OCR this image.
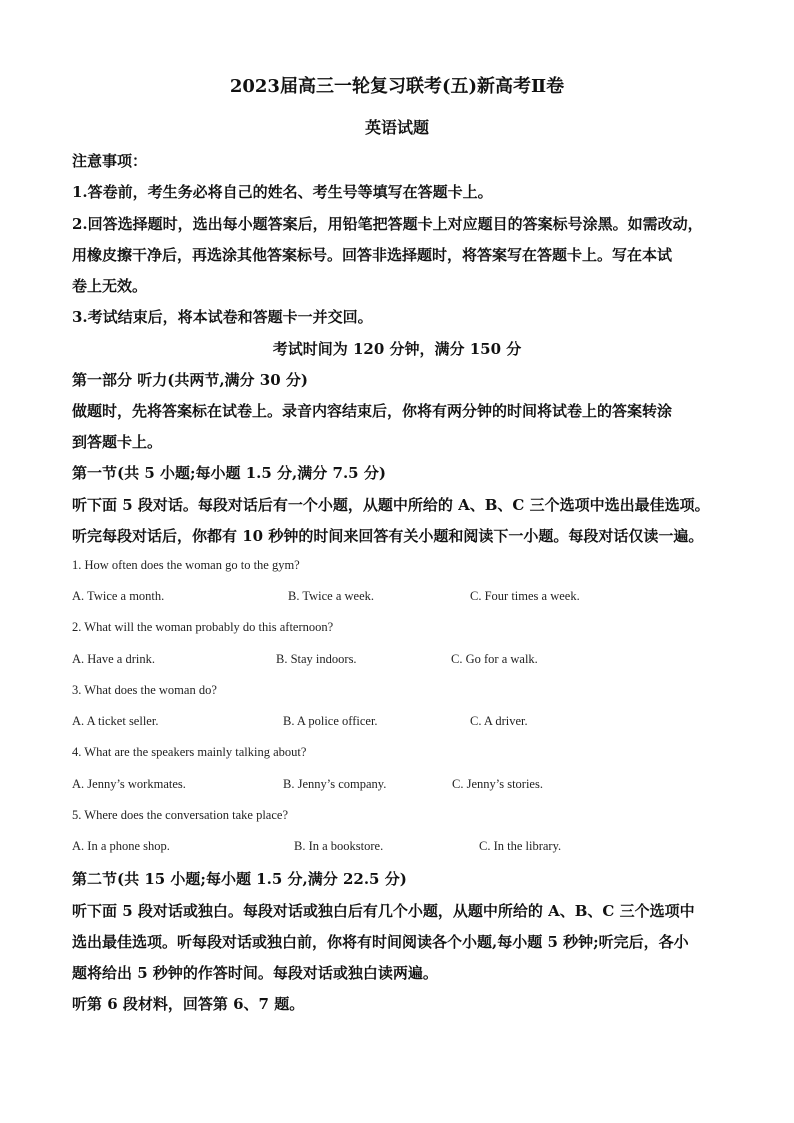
2023届高三一轮复习联考(五)新高考Ⅱ卷
英语试题
注意事项：
1.答卷前，考生务必将自己的姓名、考生号等填写在答题卡上。
2.回答选择题时，选出每小题答案后，用铅笔把答题卡上对应题目的答案标号涂黑。如需改动，
用橡皮擦干净后，再选涂其他答案标号。回答非选择题时，将答案写在答题卡上。写在本试
卷上无效。
3.考试结束后，将本试卷和答题卡一并交回。
考试时间为 120 分钟，满分 150 分
第一部分 听力(共两节,满分 30 分)
做题时，先将答案标在试卷上。录音内容结束后，你将有两分钟的时间将试卷上的答案转涂
到答题卡上。
第一节(共 5 小题;每小题 1.5 分,满分 7.5 分)
听下面 5 段对话。每段对话后有一个小题，从题中所给的 A、B、C 三个选项中选出最佳选项。
听完每段对话后，你都有 10 秒钟的时间来回答有关小题和阅读下一小题。每段对话仅读一遍。
1. How often does the woman go to the gym?
A. Twice a month.	B. Twice a week.	C. Four times a week.
2. What will the woman probably do this afternoon?
A. Have a drink.	B. Stay indoors.	C. Go for a walk.
3. What does the woman do?
A. A ticket seller.	B. A police officer.	C. A driver.
4. What are the speakers mainly talking about?
A. Jenny’s workmates.	B. Jenny’s company.	C. Jenny’s stories.
5. Where does the conversation take place?
A. In a phone shop.	B. In a bookstore.	C. In the library.
第二节(共 15 小题;每小题 1.5 分,满分 22.5 分)
听下面 5 段对话或独白。每段对话或独白后有几个小题，从题中所给的 A、B、C 三个选项中
选出最佳选项。听每段对话或独白前，你将有时间阅读各个小题,每小题 5 秒钟;听完后，各小
题将给出 5 秒钟的作答时间。每段对话或独白读两遍。
听第 6 段材料，回答第 6、7 题。
